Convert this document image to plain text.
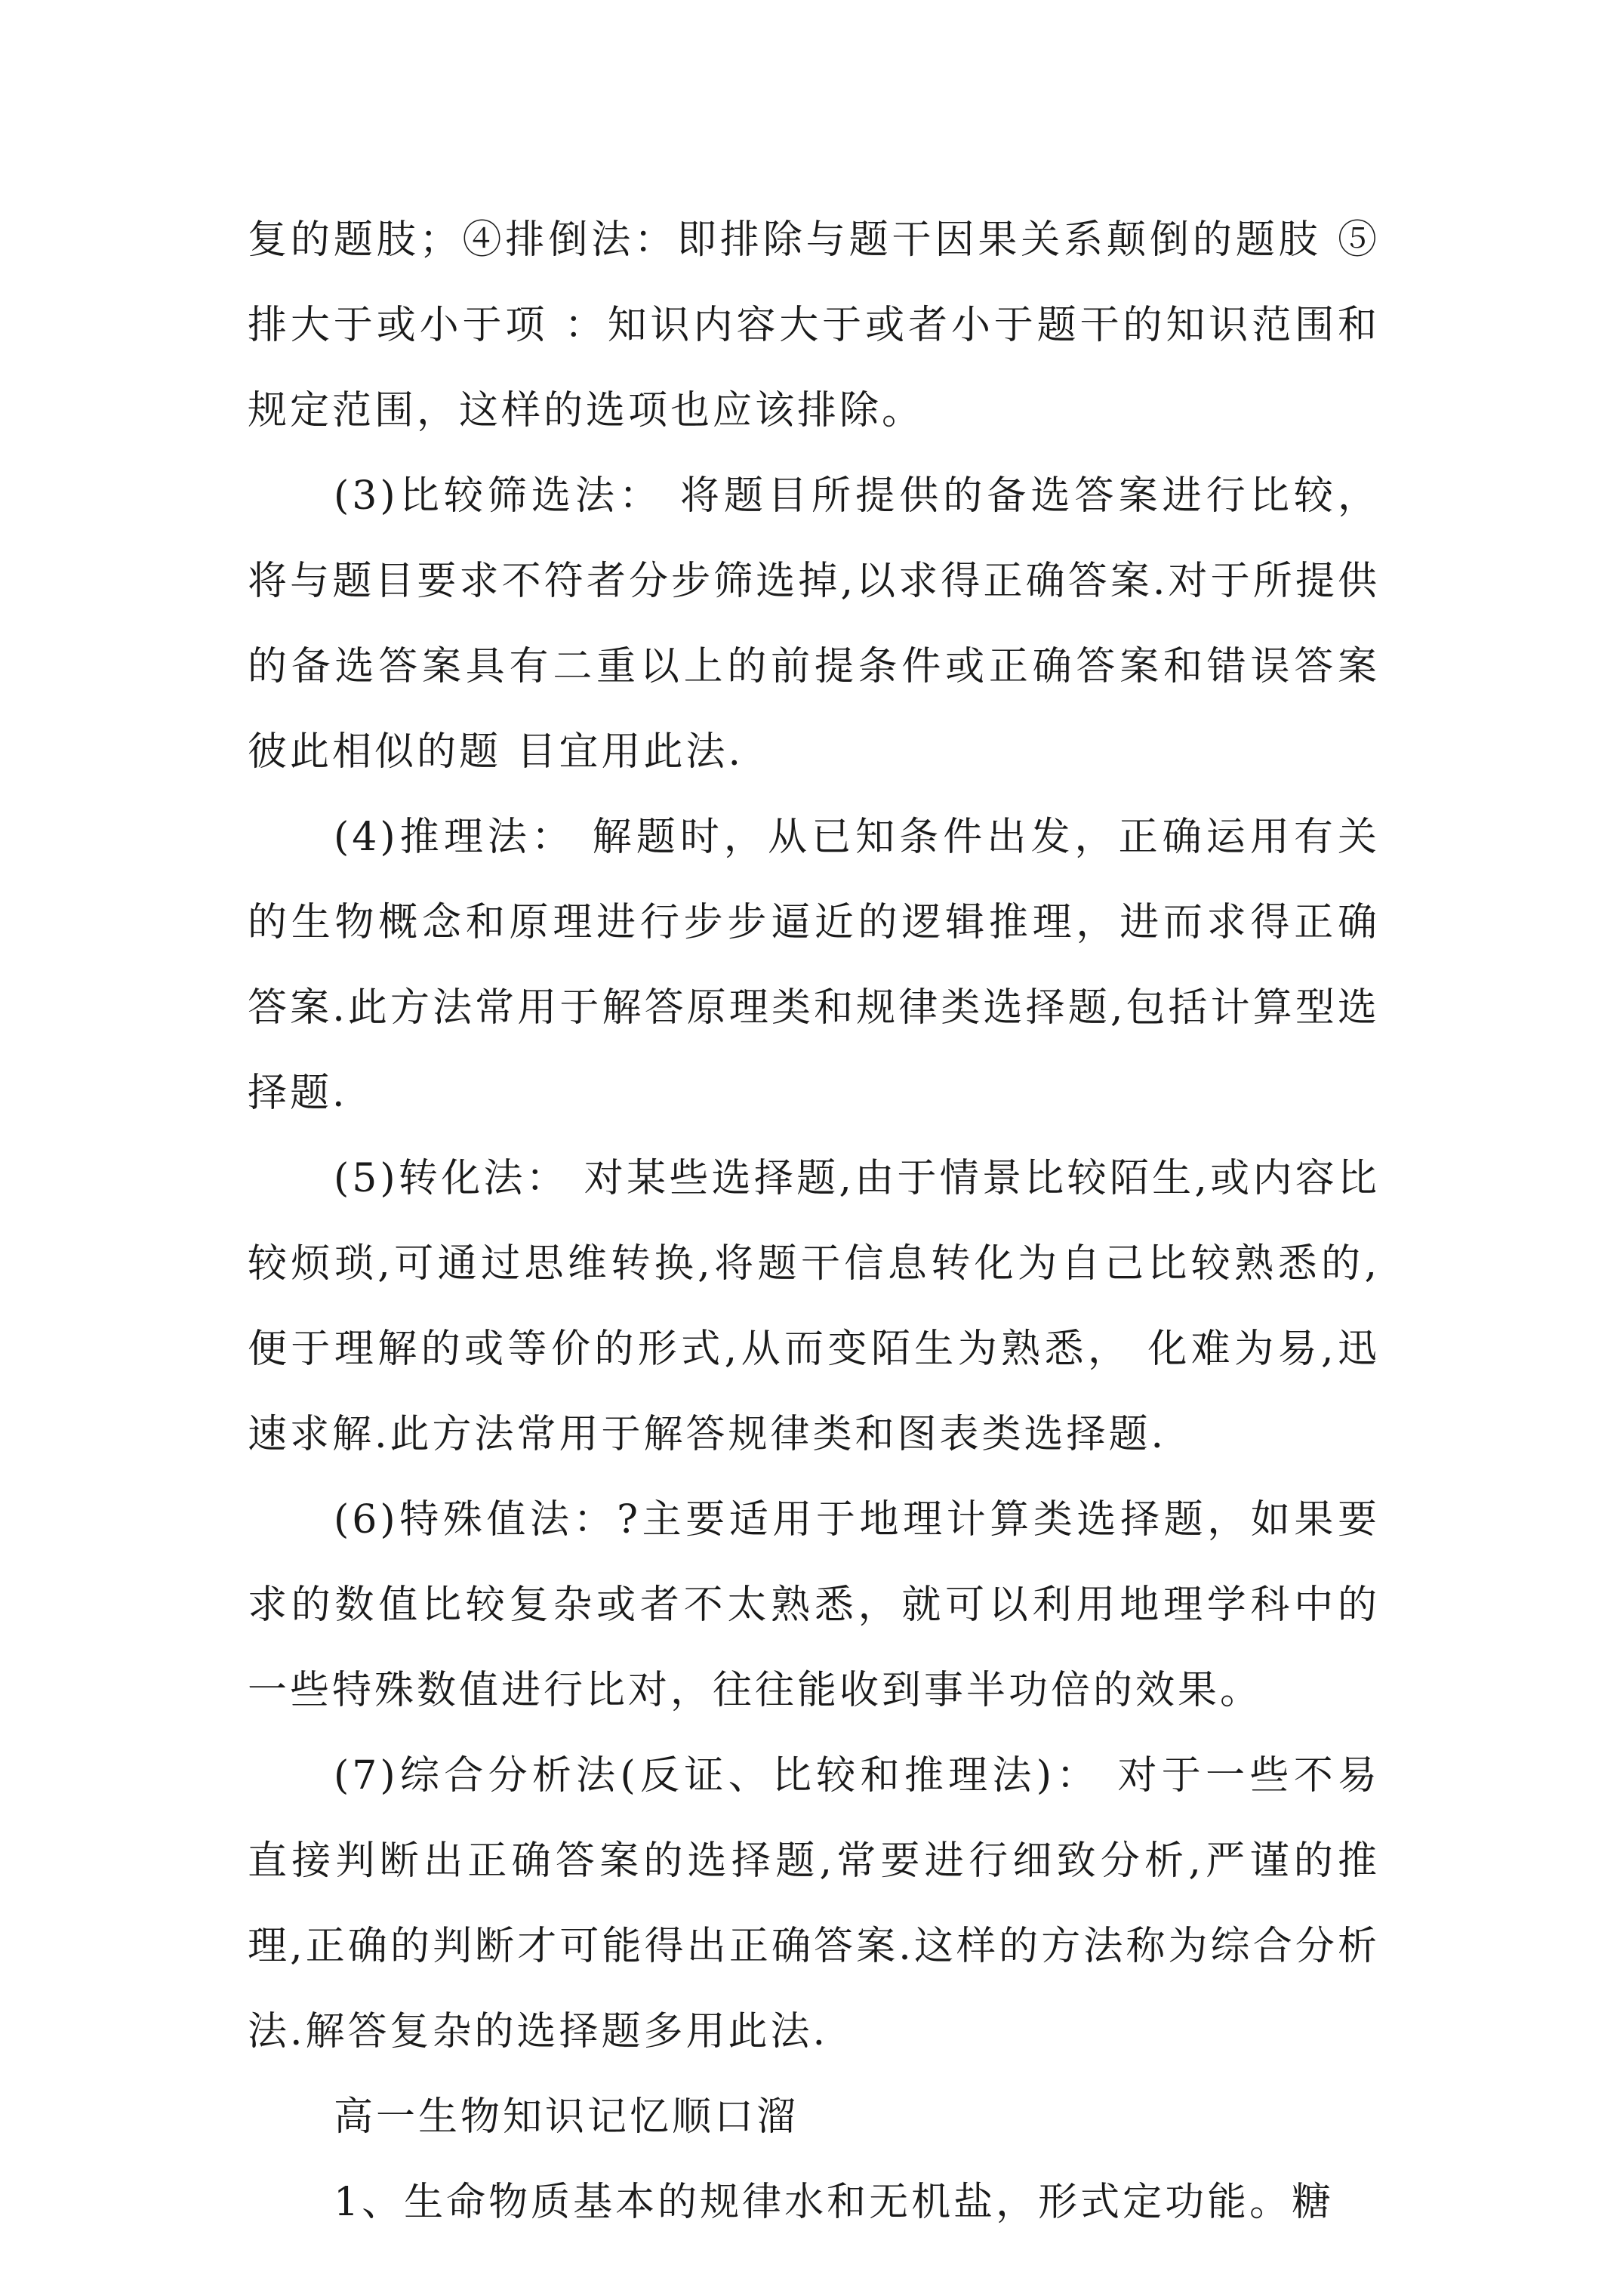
复的题肢；④排倒法：即排除与题干因果关系颠倒的题肢 ⑤排大于或小于项 ：知识内容大于或者小于题干的知识范围和规定范围，这样的选项也应该排除。

(3)比较筛选法： 将题目所提供的备选答案进行比较，将与题目要求不符者分步筛选掉,以求得正确答案.对于所提供的备选答案具有二重以上的前提条件或正确答案和错误答案彼此相似的题 目宜用此法.

(4)推理法： 解题时，从已知条件出发，正确运用有关的生物概念和原理进行步步逼近的逻辑推理，进而求得正确答案.此方法常用于解答原理类和规律类选择题,包括计算型选择题.

(5)转化法： 对某些选择题,由于情景比较陌生,或内容比较烦琐,可通过思维转换,将题干信息转化为自己比较熟悉的,便于理解的或等价的形式,从而变陌生为熟悉， 化难为易,迅速求解.此方法常用于解答规律类和图表类选择题.

(6)特殊值法：?主要适用于地理计算类选择题，如果要求的数值比较复杂或者不太熟悉，就可以利用地理学科中的一些特殊数值进行比对，往往能收到事半功倍的效果。

(7)综合分析法(反证、比较和推理法)： 对于一些不易直接判断出正确答案的选择题,常要进行细致分析,严谨的推理,正确的判断才可能得出正确答案.这样的方法称为综合分析法.解答复杂的选择题多用此法.

高一生物知识记忆顺口溜

1、生命物质基本的规律水和无机盐，形式定功能。糖
